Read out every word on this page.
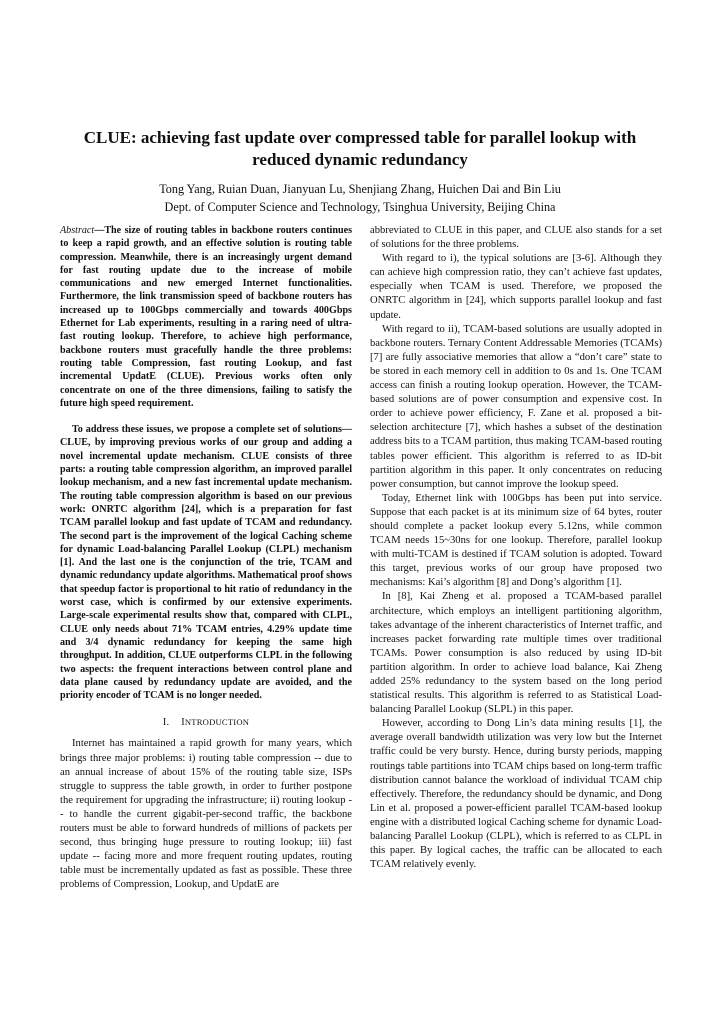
CLUE: achieving fast update over compressed table for parallel lookup with reduced dynamic redundancy
Tong Yang, Ruian Duan, Jianyuan Lu, Shenjiang Zhang, Huichen Dai and Bin Liu
Dept. of Computer Science and Technology, Tsinghua University, Beijing China

Abstract—The size of routing tables in backbone routers continues to keep a rapid growth, and an effective solution is routing table compression. Meanwhile, there is an increasingly urgent demand for fast routing update due to the increase of mobile communications and new emerged Internet functionalities. Furthermore, the link transmission speed of backbone routers has increased up to 100Gbps commercially and towards 400Gbps Ethernet for Lab experiments, resulting in a raring need of ultra-fast routing lookup. Therefore, to achieve high performance, backbone routers must gracefully handle the three problems: routing table Compression, fast routing Lookup, and fast incremental UpdatE (CLUE). Previous works often only concentrate on one of the three dimensions, failing to satisfy the future high speed requirement.

To address these issues, we propose a complete set of solutions—CLUE, by improving previous works of our group and adding a novel incremental update mechanism. CLUE consists of three parts: a routing table compression algorithm, an improved parallel lookup mechanism, and a new fast incremental update mechanism. The routing table compression algorithm is based on our previous work: ONRTC algorithm [24], which is a preparation for fast TCAM parallel lookup and fast update of TCAM and redundancy. The second part is the improvement of the logical Caching scheme for dynamic Load-balancing Parallel Lookup (CLPL) mechanism [1]. And the last one is the conjunction of the trie, TCAM and dynamic redundancy update algorithms. Mathematical proof shows that speedup factor is proportional to hit ratio of redundancy in the worst case, which is confirmed by our extensive experiments. Large-scale experimental results show that, compared with CLPL, CLUE only needs about 71% TCAM entries, 4.29% update time and 3/4 dynamic redundancy for keeping the same high throughput. In addition, CLUE outperforms CLPL in the following two aspects: the frequent interactions between control plane and data plane caused by redundancy update are avoided, and the priority encoder of TCAM is no longer needed.

I. INTRODUCTION

Internet has maintained a rapid growth for many years, which brings three major problems: i) routing table compression -- due to an annual increase of about 15% of the routing table size, ISPs struggle to suppress the table growth, in order to further postpone the requirement for upgrading the infrastructure; ii) routing lookup -- to handle the current gigabit-per-second traffic, the backbone routers must be able to forward hundreds of millions of packets per second, thus bringing huge pressure to routing lookup; iii) fast update -- facing more and more frequent routing updates, routing table must be incrementally updated as fast as possible. These three problems of Compression, Lookup, and UpdatE are

abbreviated to CLUE in this paper, and CLUE also stands for a set of solutions for the three problems.

With regard to i), the typical solutions are [3-6]. Although they can achieve high compression ratio, they can’t achieve fast updates, especially when TCAM is used. Therefore, we proposed the ONRTC algorithm in [24], which supports parallel lookup and fast update.

With regard to ii), TCAM-based solutions are usually adopted in backbone routers. Ternary Content Addressable Memories (TCAMs) [7] are fully associative memories that allow a “don’t care” state to be stored in each memory cell in addition to 0s and 1s. One TCAM access can finish a routing lookup operation. However, the TCAM-based solutions are of power consumption and expensive cost. In order to achieve power efficiency, F. Zane et al. proposed a bit-selection architecture [7], which hashes a subset of the destination address bits to a TCAM partition, thus making TCAM-based routing tables power efficient. This algorithm is referred to as ID-bit partition algorithm in this paper. It only concentrates on reducing power consumption, but cannot improve the lookup speed.

Today, Ethernet link with 100Gbps has been put into service. Suppose that each packet is at its minimum size of 64 bytes, router should complete a packet lookup every 5.12ns, while common TCAM needs 15~30ns for one lookup. Therefore, parallel lookup with multi-TCAM is destined if TCAM solution is adopted. Toward this target, previous works of our group have proposed two mechanisms: Kai’s algorithm [8] and Dong’s algorithm [1].

In [8], Kai Zheng et al. proposed a TCAM-based parallel architecture, which employs an intelligent partitioning algorithm, takes advantage of the inherent characteristics of Internet traffic, and increases packet forwarding rate multiple times over traditional TCAMs. Power consumption is also reduced by using ID-bit partition algorithm. In order to achieve load balance, Kai Zheng added 25% redundancy to the system based on the long period statistical results. This algorithm is referred to as Statistical Load-balancing Parallel Lookup (SLPL) in this paper.

However, according to Dong Lin’s data mining results [1], the average overall bandwidth utilization was very low but the Internet traffic could be very bursty. Hence, during bursty periods, mapping routings table partitions into TCAM chips based on long-term traffic distribution cannot balance the workload of individual TCAM chip effectively. Therefore, the redundancy should be dynamic, and Dong Lin et al. proposed a power-efficient parallel TCAM-based lookup engine with a distributed logical Caching scheme for dynamic Load-balancing Parallel Lookup (CLPL), which is referred to as CLPL in this paper. By logical caches, the traffic can be allocated to each TCAM relatively evenly.
